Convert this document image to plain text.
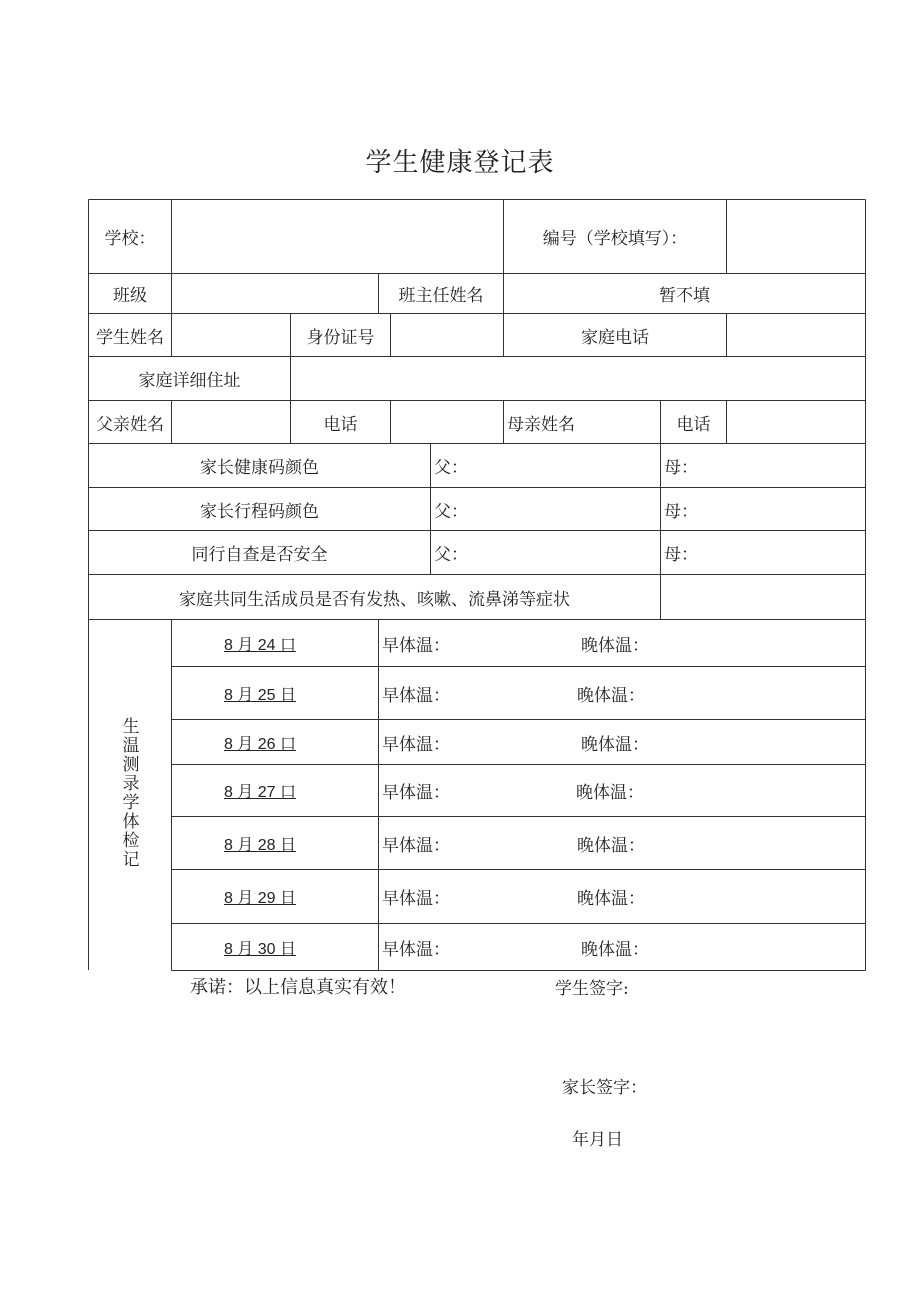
学生健康登记表
学校：	编号（学校填写）：
班级	班主任姓名	暂不填
学生姓名	身份证号	家庭电话
家庭详细住址
父亲姓名	电话	母亲姓名	电话
家长健康码颜色	父：	母：
家长行程码颜色	父：	母：
同行自查是否安全	父：	母：
家庭共同生活成员是否有发热、咳嗽、流鼻涕等症状
生温测录学体检记
8 月 24 口	早体温：	晚体温：
8 月 25 日	早体温：	晚体温：
8 月 26 口	早体温：	晚体温：
8 月 27 口	早体温：	晚体温：
8 月 28 日	早体温：	晚体温：
8 月 29 日	早体温：	晚体温：
8 月 30 日	早体温：	晚体温：
承诺：以上信息真实有效！	学生签字:
家长签字：
年月日
